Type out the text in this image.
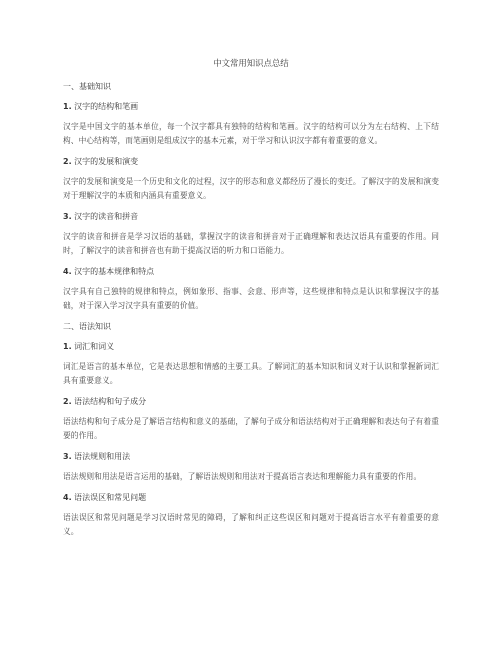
中文常用知识点总结
一、基础知识
1. 汉字的结构和笔画
汉字是中国文字的基本单位，每一个汉字都具有独特的结构和笔画。汉字的结构可以分为左右结构、上下结构、中心结构等，而笔画则是组成汉字的基本元素，对于学习和认识汉字都有着重要的意义。
2. 汉字的发展和演变
汉字的发展和演变是一个历史和文化的过程，汉字的形态和意义都经历了漫长的变迁。了解汉字的发展和演变对于理解汉字的本质和内涵具有重要意义。
3. 汉字的读音和拼音
汉字的读音和拼音是学习汉语的基础，掌握汉字的读音和拼音对于正确理解和表达汉语具有重要的作用。同时，了解汉字的读音和拼音也有助于提高汉语的听力和口语能力。
4. 汉字的基本规律和特点
汉字具有自己独特的规律和特点，例如象形、指事、会意、形声等，这些规律和特点是认识和掌握汉字的基础，对于深入学习汉字具有重要的价值。
二、语法知识
1. 词汇和词义
词汇是语言的基本单位，它是表达思想和情感的主要工具。了解词汇的基本知识和词义对于认识和掌握新词汇具有重要意义。
2. 语法结构和句子成分
语法结构和句子成分是了解语言结构和意义的基础，了解句子成分和语法结构对于正确理解和表达句子有着重要的作用。
3. 语法规则和用法
语法规则和用法是语言运用的基础，了解语法规则和用法对于提高语言表达和理解能力具有重要的作用。
4. 语法误区和常见问题
语法误区和常见问题是学习汉语时常见的障碍，了解和纠正这些误区和问题对于提高语言水平有着重要的意义。
